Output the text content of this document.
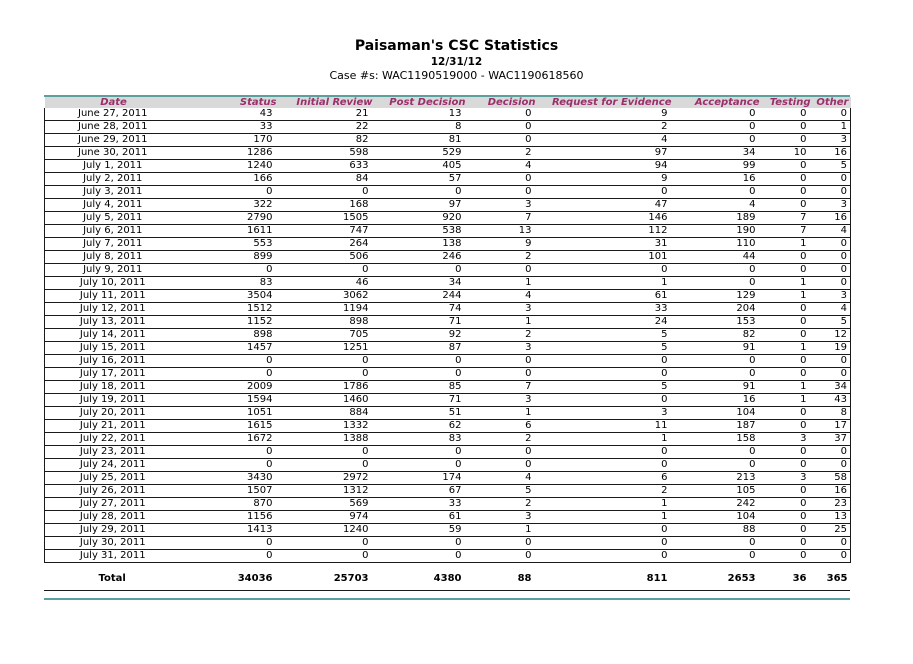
Paisaman's CSC Statistics
12/31/12
Case #s: WAC1190519000 - WAC1190618560
Date	Status	Initial Review	Post Decision	Decision	Request for Evidence	Acceptance	Testing	Other
June 27, 2011	43	21	13	0	9	0	0	0
June 28, 2011	33	22	8	0	2	0	0	1
June 29, 2011	170	82	81	0	4	0	0	3
June 30, 2011	1286	598	529	2	97	34	10	16
July 1, 2011	1240	633	405	4	94	99	0	5
July 2, 2011	166	84	57	0	9	16	0	0
July 3, 2011	0	0	0	0	0	0	0	0
July 4, 2011	322	168	97	3	47	4	0	3
July 5, 2011	2790	1505	920	7	146	189	7	16
July 6, 2011	1611	747	538	13	112	190	7	4
July 7, 2011	553	264	138	9	31	110	1	0
July 8, 2011	899	506	246	2	101	44	0	0
July 9, 2011	0	0	0	0	0	0	0	0
July 10, 2011	83	46	34	1	1	0	1	0
July 11, 2011	3504	3062	244	4	61	129	1	3
July 12, 2011	1512	1194	74	3	33	204	0	4
July 13, 2011	1152	898	71	1	24	153	0	5
July 14, 2011	898	705	92	2	5	82	0	12
July 15, 2011	1457	1251	87	3	5	91	1	19
July 16, 2011	0	0	0	0	0	0	0	0
July 17, 2011	0	0	0	0	0	0	0	0
July 18, 2011	2009	1786	85	7	5	91	1	34
July 19, 2011	1594	1460	71	3	0	16	1	43
July 20, 2011	1051	884	51	1	3	104	0	8
July 21, 2011	1615	1332	62	6	11	187	0	17
July 22, 2011	1672	1388	83	2	1	158	3	37
July 23, 2011	0	0	0	0	0	0	0	0
July 24, 2011	0	0	0	0	0	0	0	0
July 25, 2011	3430	2972	174	4	6	213	3	58
July 26, 2011	1507	1312	67	5	2	105	0	16
July 27, 2011	870	569	33	2	1	242	0	23
July 28, 2011	1156	974	61	3	1	104	0	13
July 29, 2011	1413	1240	59	1	0	88	0	25
July 30, 2011	0	0	0	0	0	0	0	0
July 31, 2011	0	0	0	0	0	0	0	0

Total	34036	25703	4380	88	811	2653	36	365
